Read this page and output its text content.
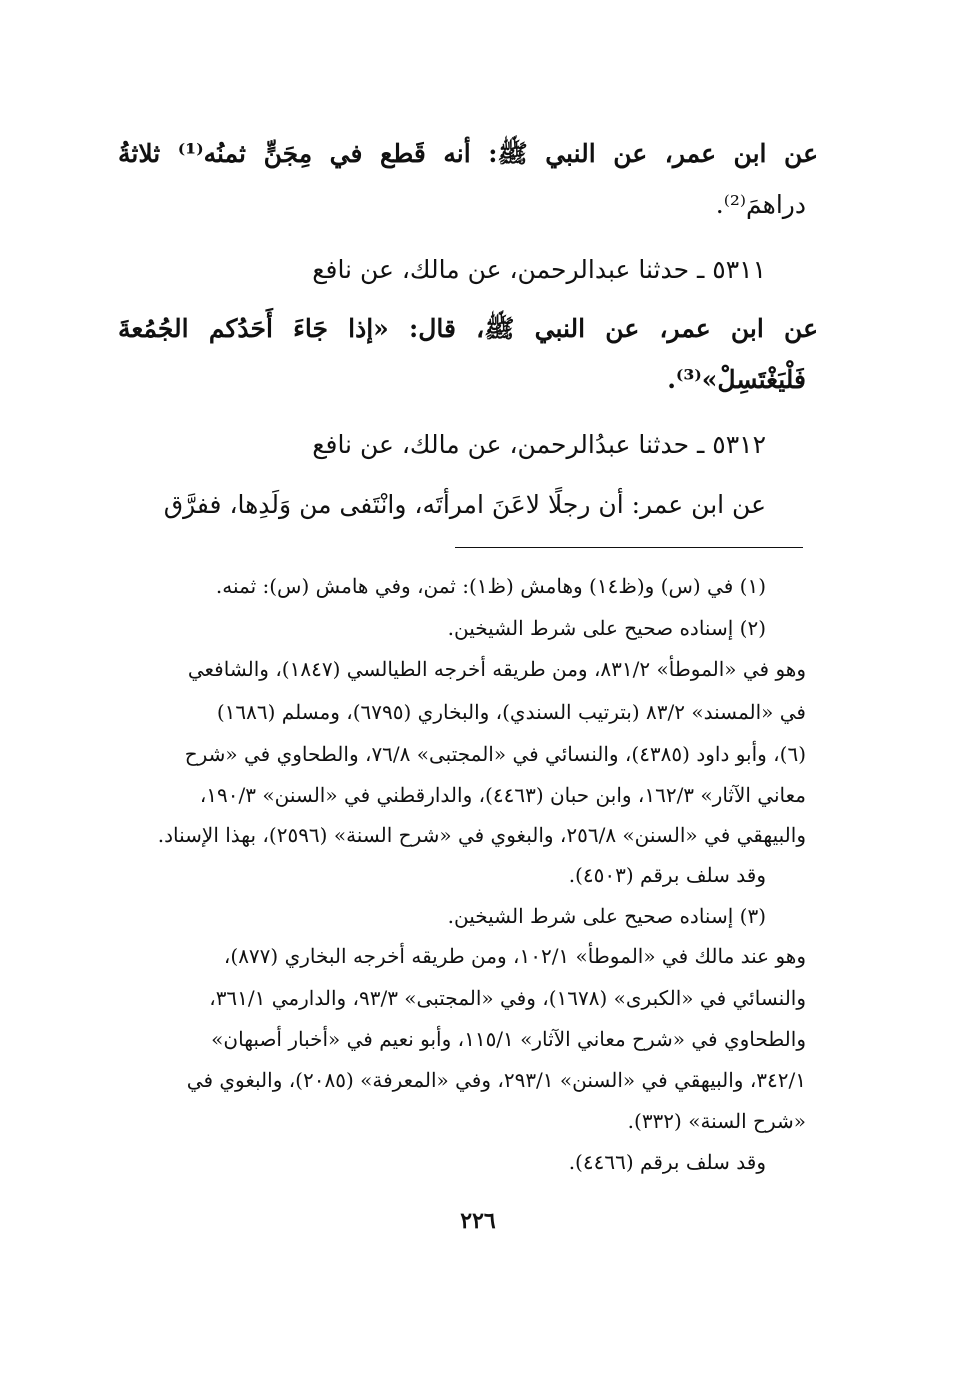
عن ابن عمر، عن النبي ﷺ: أنه قَطع في مِجَنٍّ ثمنُه⁽¹⁾ ثلاثةُ
دراهمَ⁽²⁾.
٥٣١١ ـ حدثنا عبدالرحمن، عن مالك، عن نافع
عن ابن عمر، عن النبي ﷺ، قال: «إذا جَاءَ أَحَدُكم الجُمُعةَ
فَلْيَغْتَسِلْ»⁽³⁾.
٥٣١٢ ـ حدثنا عبدُالرحمن، عن مالك، عن نافع
عن ابن عمر: أن رجلًا لاعَنَ امرأتَه، وانْتَفى من وَلَدِها، ففرَّق
(١) في (س) و(ظ١٤) وهامش (ظ١): ثمن، وفي هامش (س): ثمنه.
(٢) إسناده صحيح على شرط الشيخين.
وهو في «الموطأ» ٨٣١/٢، ومن طريقه أخرجه الطيالسي (١٨٤٧)، والشافعي
في «المسند» ٨٣/٢ (بترتيب السندي)، والبخاري (٦٧٩٥)، ومسلم (١٦٨٦)
(٦)، وأبو داود (٤٣٨٥)، والنسائي في «المجتبى» ٧٦/٨، والطحاوي في «شرح
معاني الآثار» ١٦٢/٣، وابن حبان (٤٤٦٣)، والدارقطني في «السنن» ١٩٠/٣،
والبيهقي في «السنن» ٢٥٦/٨، والبغوي في «شرح السنة» (٢٥٩٦)، بهذا الإسناد.
وقد سلف برقم (٤٥٠٣).
(٣) إسناده صحيح على شرط الشيخين.
وهو عند مالك في «الموطأ» ١٠٢/١، ومن طريقه أخرجه البخاري (٨٧٧)،
والنسائي في «الكبرى» (١٦٧٨)، وفي «المجتبى» ٩٣/٣، والدارمي ٣٦١/١،
والطحاوي في «شرح معاني الآثار» ١١٥/١، وأبو نعيم في «أخبار أصبهان»
٣٤٢/١، والبيهقي في «السنن» ٢٩٣/١، وفي «المعرفة» (٢٠٨٥)، والبغوي في
«شرح السنة» (٣٣٢).
وقد سلف برقم (٤٤٦٦).
٢٢٦
